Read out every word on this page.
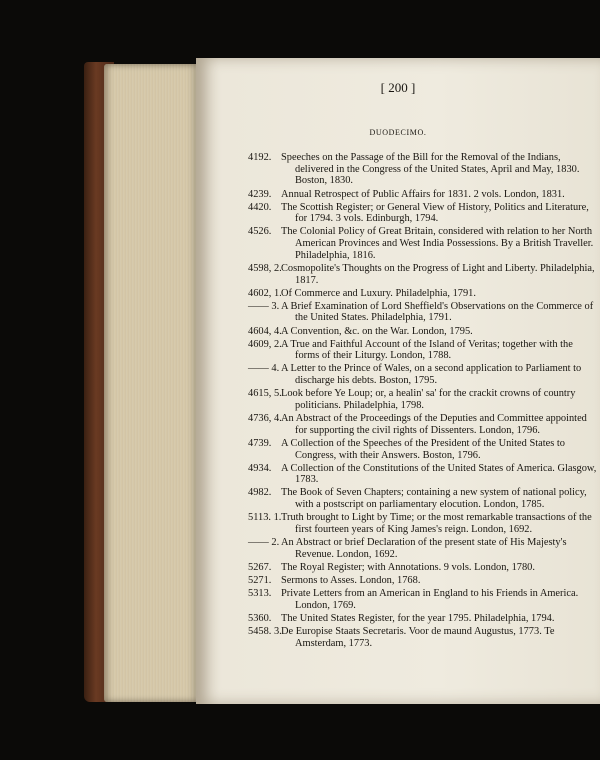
[ 200 ]
DUODECIMO.
4192. Speeches on the Passage of the Bill for the Removal of the Indians, delivered in the Congress of the United States, April and May, 1830. Boston, 1830.
4239. Annual Retrospect of Public Affairs for 1831. 2 vols. London, 1831.
4420. The Scottish Register; or General View of History, Politics and Literature, for 1794. 3 vols. Edinburgh, 1794.
4526. The Colonial Policy of Great Britain, considered with relation to her North American Provinces and West India Possessions. By a British Traveller. Philadelphia, 1816.
4598, 2. Cosmopolite's Thoughts on the Progress of Light and Liberty. Philadelphia, 1817.
4602, 1. Of Commerce and Luxury. Philadelphia, 1791.
—— 3. A Brief Examination of Lord Sheffield's Observations on the Commerce of the United States. Philadelphia, 1791.
4604, 4. A Convention, &c. on the War. London, 1795.
4609, 2. A True and Faithful Account of the Island of Veritas; together with the forms of their Liturgy. London, 1788.
—— 4. A Letter to the Prince of Wales, on a second application to Parliament to discharge his debts. Boston, 1795.
4615, 5. Look before Ye Loup; or, a healin' sa' for the crackit crowns of country politicians. Philadelphia, 1798.
4736, 4. An Abstract of the Proceedings of the Deputies and Committee appointed for supporting the civil rights of Dissenters. London, 1796.
4739. A Collection of the Speeches of the President of the United States to Congress, with their Answers. Boston, 1796.
4934. A Collection of the Constitutions of the United States of America. Glasgow, 1783.
4982. The Book of Seven Chapters; containing a new system of national policy, with a postscript on parliamentary elocution. London, 1785.
5113. 1. Truth brought to Light by Time; or the most remarkable transactions of the first fourteen years of King James's reign. London, 1692.
—— 2. An Abstract or brief Declaration of the present state of His Majesty's Revenue. London, 1692.
5267. The Royal Register; with Annotations. 9 vols. London, 1780.
5271. Sermons to Asses. London, 1768.
5313. Private Letters from an American in England to his Friends in America. London, 1769.
5360. The United States Register, for the year 1795. Philadelphia, 1794.
5458. 3. De Europise Staats Secretaris. Voor de maund Augustus, 1773. Te Amsterdam, 1773.
